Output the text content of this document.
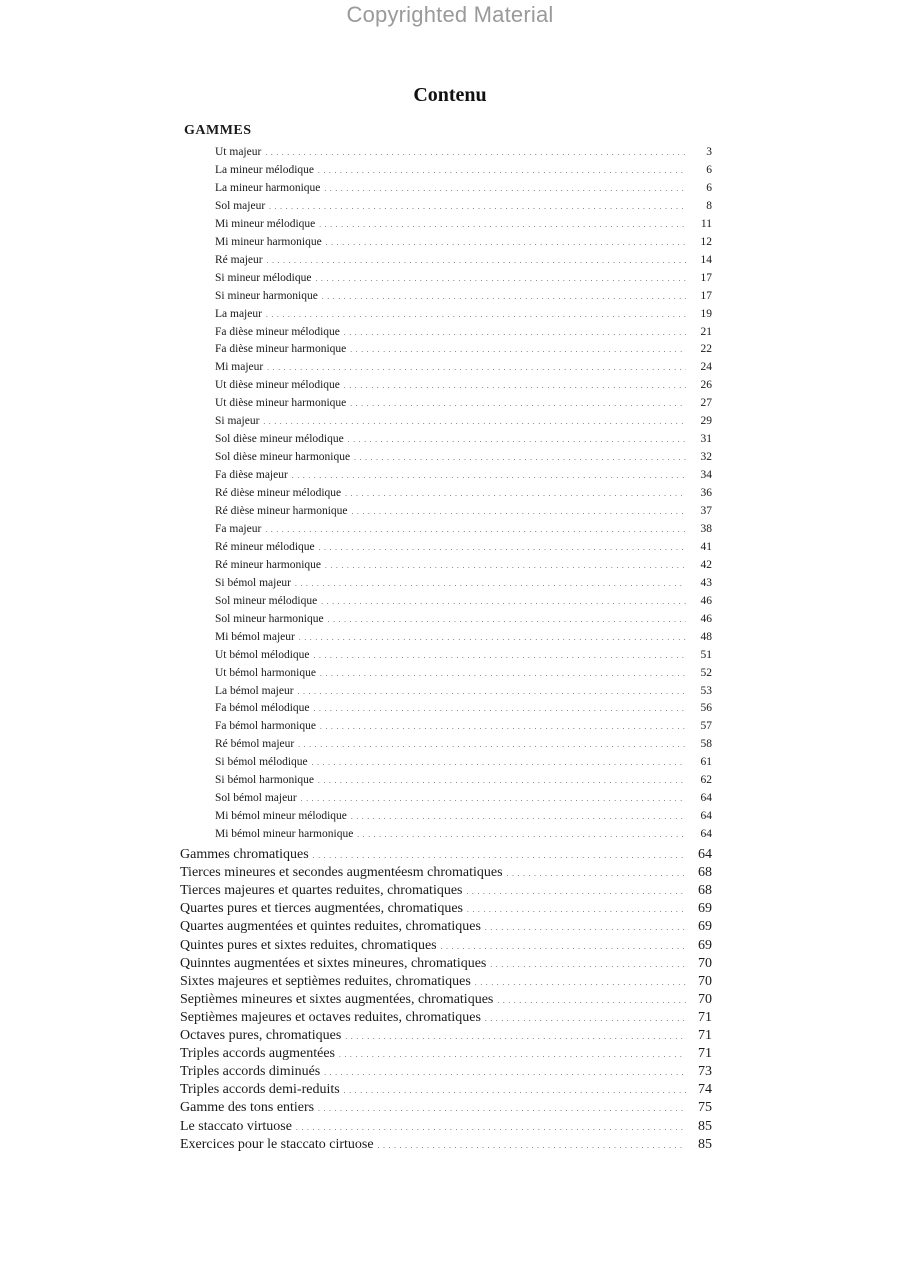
Copyrighted Material
Contenu
GAMMES
Ut majeur . . .	3
La mineur mélodique . . .	6
La mineur harmonique . . .	6
Sol majeur . . .	8
Mi mineur mélodique . . .	11
Mi mineur harmonique . . .	12
Ré majeur . . .	14
Si mineur mélodique . . .	17
Si mineur harmonique . . .	17
La majeur . . .	19
Fa dièse mineur mélodique . . .	21
Fa dièse mineur harmonique . . .	22
Mi majeur . . .	24
Ut dièse mineur mélodique . . .	26
Ut dièse mineur harmonique . . .	27
Si majeur . . .	29
Sol dièse mineur mélodique . . .	31
Sol dièse mineur harmonique . . .	32
Fa dièse majeur . . .	34
Ré dièse mineur mélodique . . .	36
Ré dièse mineur harmonique . . .	37
Fa majeur . . .	38
Ré mineur mélodique . . .	41
Ré mineur harmonique . . .	42
Si bémol majeur . . .	43
Sol mineur mélodique . . .	46
Sol mineur harmonique . . .	46
Mi bémol majeur . . .	48
Ut bémol mélodique . . .	51
Ut bémol harmonique . . .	52
La bémol majeur . . .	53
Fa bémol mélodique . . .	56
Fa bémol harmonique . . .	57
Ré bémol majeur . . .	58
Si bémol mélodique . . .	61
Si bémol harmonique . . .	62
Sol bémol majeur . . .	64
Mi bémol mineur mélodique . . .	64
Mi bémol mineur harmonique . . .	64
Gammes chromatiques . . .	64
Tierces mineures et secondes augmentéesm chromatiques . . .	68
Tierces majeures et quartes reduites, chromatiques . . .	68
Quartes pures et tierces augmentées, chromatiques . . .	69
Quartes augmentées et quintes reduites, chromatiques . . .	69
Quintes pures et sixtes reduites, chromatiques . . .	69
Quinntes augmentées et sixtes mineures, chromatiques . . .	70
Sixtes majeures et septièmes reduites, chromatiques . . .	70
Septièmes mineures et sixtes augmentées, chromatiques . . .	70
Septièmes majeures et octaves reduites, chromatiques . . .	71
Octaves pures, chromatiques . . .	71
Triples accords augmentées . . .	71
Triples accords diminués . . .	73
Triples accords demi-reduits . . .	74
Gamme des tons entiers . . .	75
Le staccato virtuose . . .	85
Exercices pour le staccato cirtuose . . .	85
